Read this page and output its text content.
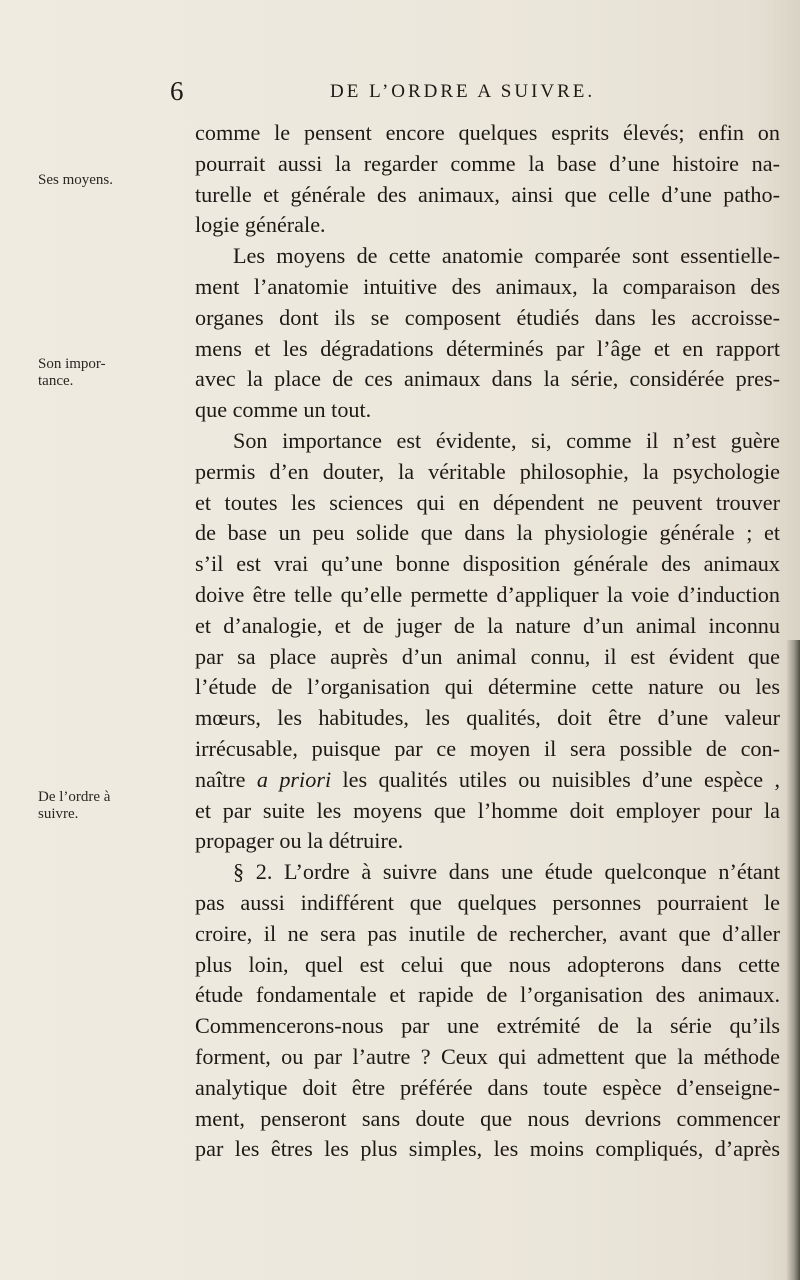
6	DE L’ORDRE A SUIVRE.
Ses moyens.
Son impor-
tance.
De l’ordre à
suivre.
comme le pensent encore quelques esprits élevés; enfin on
pourrait aussi la regarder comme la base d’une histoire na-
turelle et générale des animaux, ainsi que celle d’une patho-
logie générale.
Les moyens de cette anatomie comparée sont essentielle-
ment l’anatomie intuitive des animaux, la comparaison des
organes dont ils se composent étudiés dans les accroisse-
mens et les dégradations déterminés par l’âge et en rapport
avec la place de ces animaux dans la série, considérée pres-
que comme un tout.
Son importance est évidente, si, comme il n’est guère
permis d’en douter, la véritable philosophie, la psychologie
et toutes les sciences qui en dépendent ne peuvent trouver
de base un peu solide que dans la physiologie générale ; et
s’il est vrai qu’une bonne disposition générale des animaux
doive être telle qu’elle permette d’appliquer la voie d’induction
et d’analogie, et de juger de la nature d’un animal inconnu
par sa place auprès d’un animal connu, il est évident que
l’étude de l’organisation qui détermine cette nature ou les
mœurs, les habitudes, les qualités, doit être d’une valeur
irrécusable, puisque par ce moyen il sera possible de con-
naître a priori les qualités utiles ou nuisibles d’une espèce ,
et par suite les moyens que l’homme doit employer pour la
propager ou la détruire.
§ 2. L’ordre à suivre dans une étude quelconque n’étant
pas aussi indifférent que quelques personnes pourraient le
croire, il ne sera pas inutile de rechercher, avant que d’aller
plus loin, quel est celui que nous adopterons dans cette
étude fondamentale et rapide de l’organisation des animaux.
Commencerons-nous par une extrémité de la série qu’ils
forment, ou par l’autre ? Ceux qui admettent que la méthode
analytique doit être préférée dans toute espèce d’enseigne-
ment, penseront sans doute que nous devrions commencer
par les êtres les plus simples, les moins compliqués, d’après
